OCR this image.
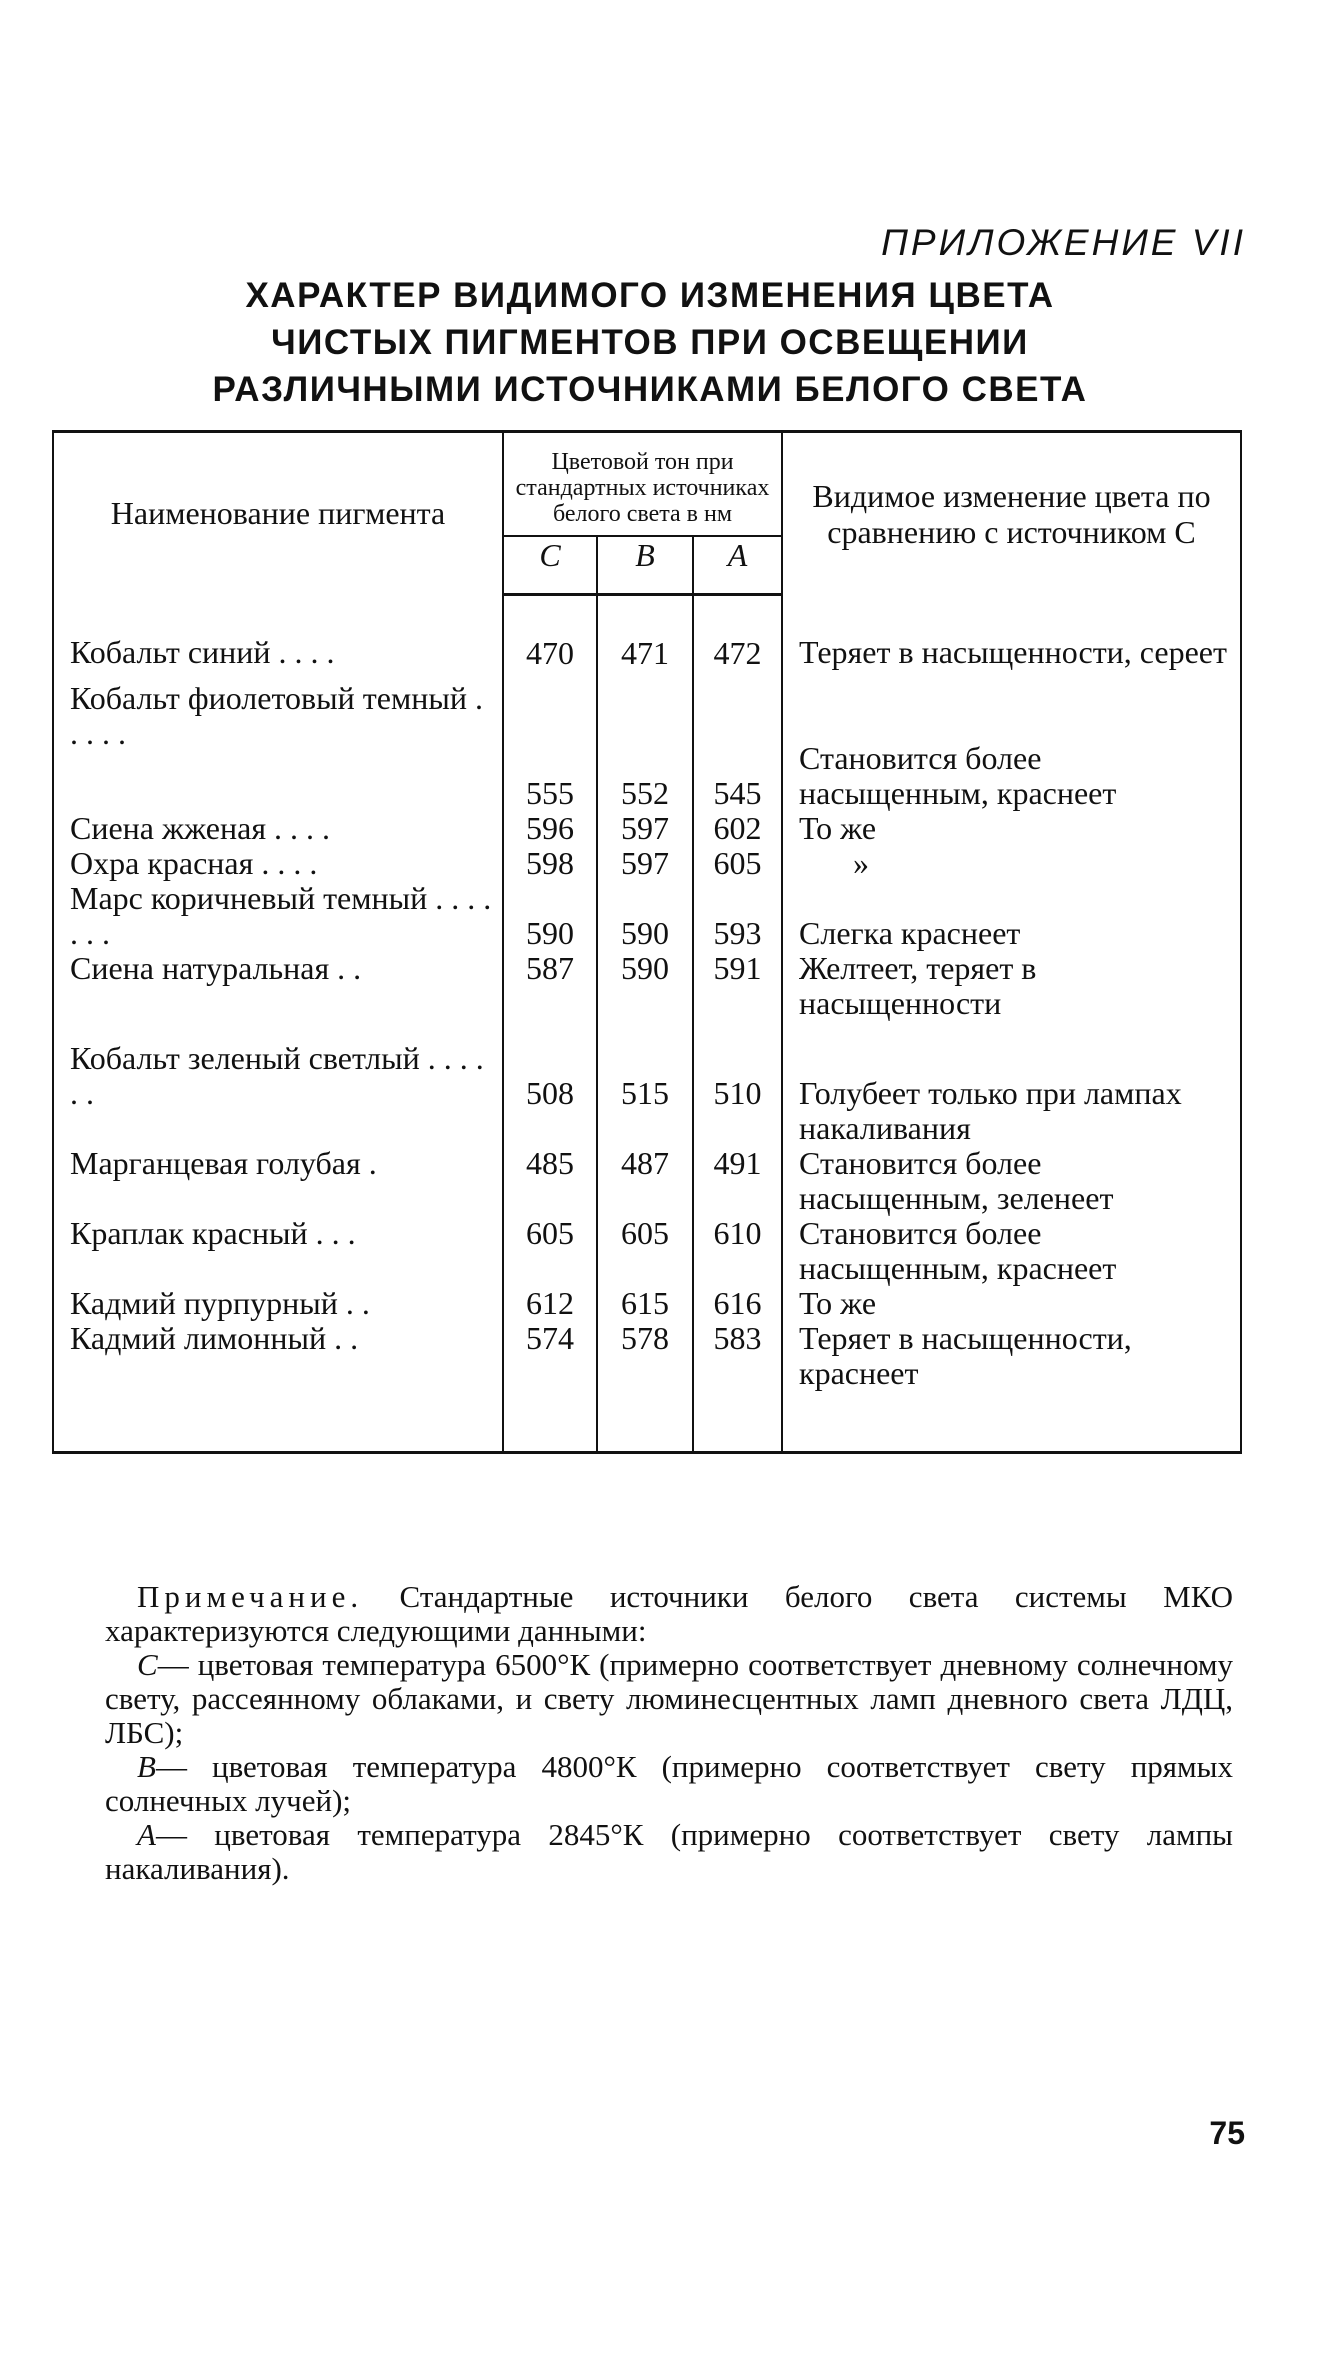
ПРИЛОЖЕНИЕ VII
ХАРАКТЕР ВИДИМОГО ИЗМЕНЕНИЯ ЦВЕТА
ЧИСТЫХ ПИГМЕНТОВ ПРИ ОСВЕЩЕНИИ
РАЗЛИЧНЫМИ ИСТОЧНИКАМИ БЕЛОГО СВЕТА
Наименование пигмента	Цветовой тон при стандартных источниках белого света в нм			Видимое изменение цвета по сравнению с источником С
	С	В	А	
Кобальт синий . . . .	470	471	472	Теряет в насыщенности, сереет
Кобальт фиолетовый темный . . . . .	555	552	545	Становится более насыщенным, краснеет
Сиена жженая . . . .	596	597	602	То же
Охра красная . . . .	598	597	605	»
Марс коричневый темный . . . . . . .	590	590	593	Слегка краснеет
Сиена натуральная . .	587	590	591	Желтеет, теряет в насыщенности
Кобальт зеленый светлый . . . . . .	508	515	510	Голубеет только при лампах накаливания
Марганцевая голубая .	485	487	491	Становится более насыщенным, зеленеет
Краплак красный . . .	605	605	610	Становится более насыщенным, краснеет
Кадмий пурпурный . .	612	615	616	То же
Кадмий лимонный . .	574	578	583	Теряет в насыщенности, краснеет

Примечание. Стандартные источники белого света системы МКО характеризуются следующими данными:

С— цветовая температура 6500°К (примерно соответствует дневному солнечному свету, рассеянному облаками, и свету люминесцентных ламп дневного света ЛДЦ, ЛБС);

В— цветовая температура 4800°К (примерно соответствует свету прямых солнечных лучей);

А— цветовая температура 2845°К (примерно соответствует свету лампы накаливания).

75
